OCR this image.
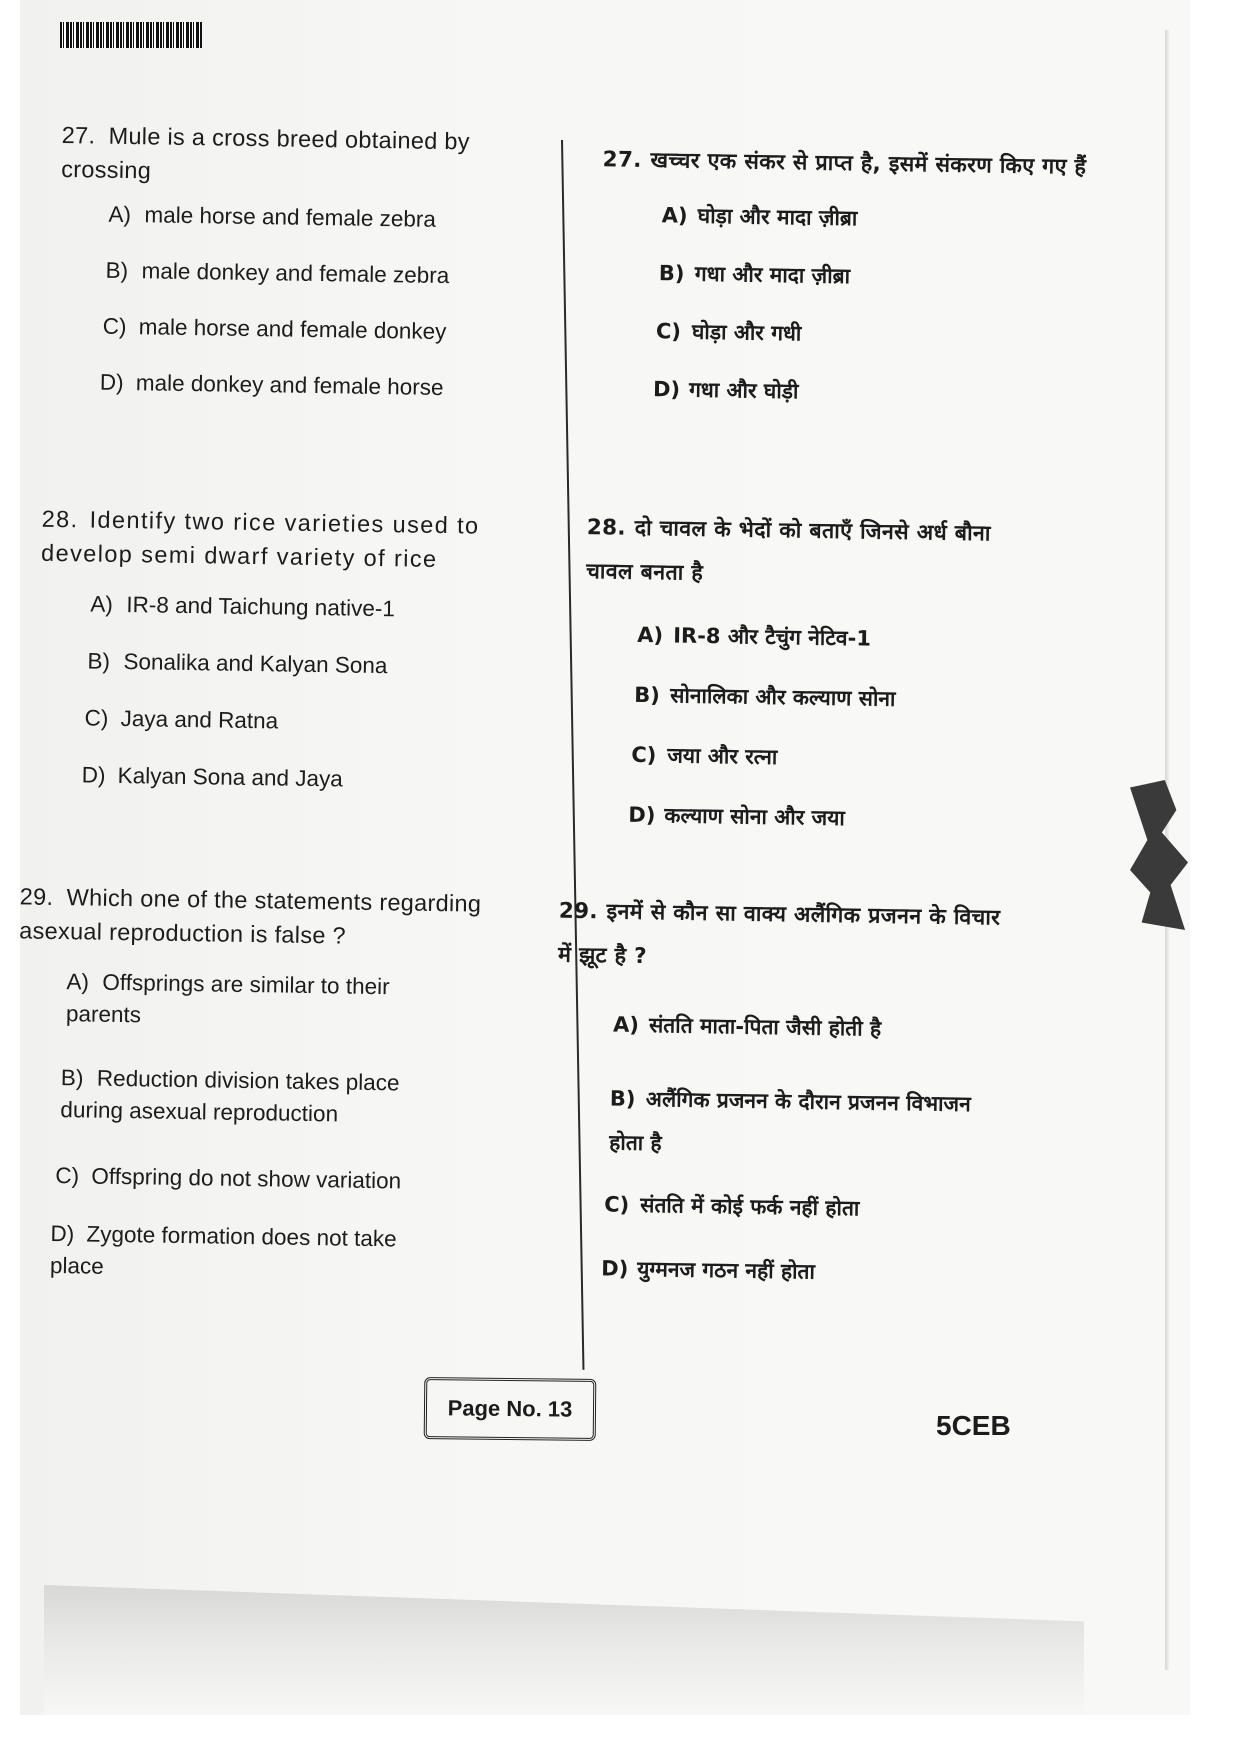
27. Mule is a cross breed obtained by crossing
A) male horse and female zebra
B) male donkey and female zebra
C) male horse and female donkey
D) male donkey and female horse
28. Identify two rice varieties used to develop semi dwarf variety of rice
A) IR-8 and Taichung native-1
B) Sonalika and Kalyan Sona
C) Jaya and Ratna
D) Kalyan Sona and Jaya
29. Which one of the statements regarding asexual reproduction is false ?
A) Offsprings are similar to their parents
B) Reduction division takes place during asexual reproduction
C) Offspring do not show variation
D) Zygote formation does not take place
27. खच्चर एक संकर से प्राप्त है, इसमें संकरण किए गए हैं
A) घोड़ा और मादा ज़ीब्रा
B) गधा और मादा ज़ीब्रा
C) घोड़ा और गधी
D) गधा और घोड़ी
28. दो चावल के भेदों को बताएँ जिनसे अर्ध बौना चावल बनता है
A) IR-8 और टैचुंग नेटिव-1
B) सोनालिका और कल्याण सोना
C) जया और रत्ना
D) कल्याण सोना और जया
29. इनमें से कौन सा वाक्य अलैंगिक प्रजनन के विचार में झूट है ?
A) संतति माता-पिता जैसी होती है
B) अलैंगिक प्रजनन के दौरान प्रजनन विभाजन होता है
C) संतति में कोई फर्क नहीं होता
D) युग्मनज गठन नहीं होता
Page No. 13
5CEB
